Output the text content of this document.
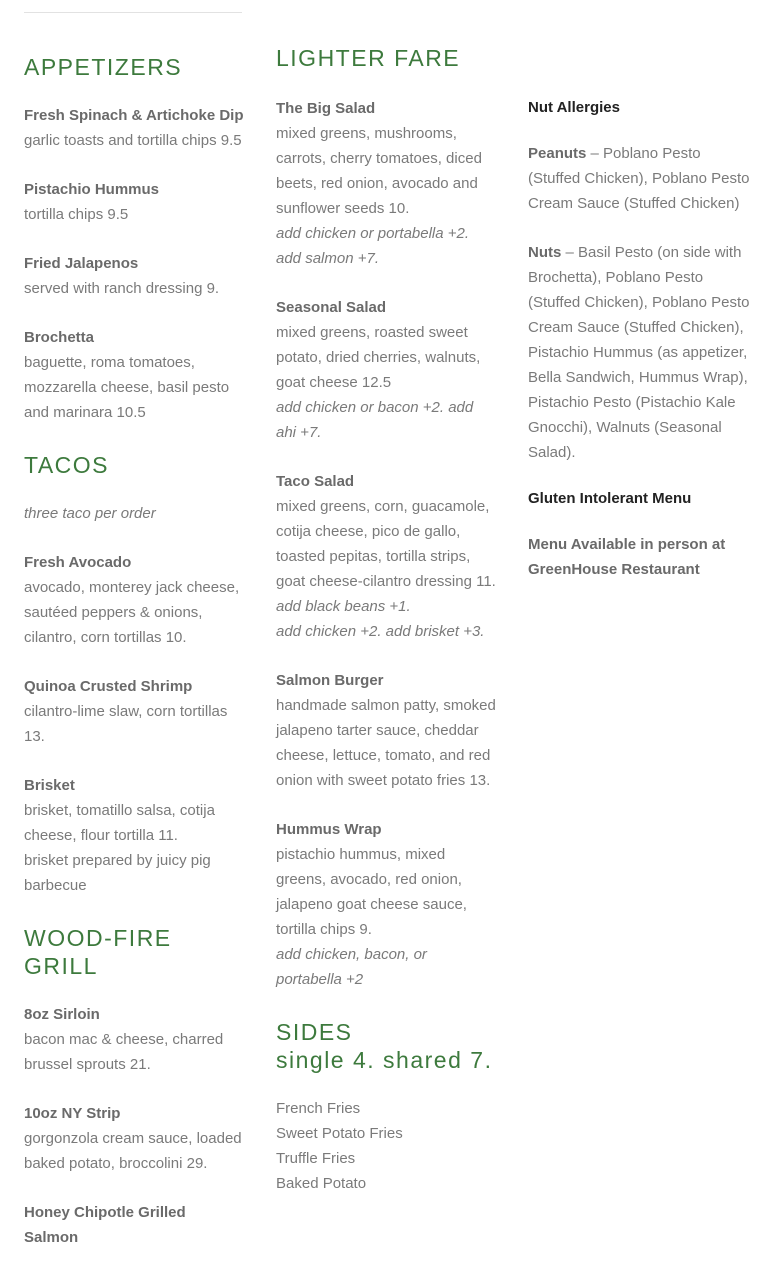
APPETIZERS
Fresh Spinach & Artichoke Dip
garlic toasts and tortilla chips 9.5
Pistachio Hummus
tortilla chips 9.5
Fried Jalapenos
served with ranch dressing 9.
Brochetta
baguette, roma tomatoes, mozzarella cheese, basil pesto and marinara 10.5
TACOS
three taco per order
Fresh Avocado
avocado, monterey jack cheese, sautéed peppers & onions, cilantro, corn tortillas 10.
Quinoa Crusted Shrimp
cilantro-lime slaw, corn tortillas 13.
Brisket
brisket, tomatillo salsa, cotija cheese, flour tortilla 11.
brisket prepared by juicy pig barbecue
WOOD-FIRE GRILL
8oz Sirloin
bacon mac & cheese, charred brussel sprouts 21.
10oz NY Strip
gorgonzola cream sauce, loaded baked potato, broccolini 29.
Honey Chipotle Grilled Salmon
LIGHTER FARE
The Big Salad
mixed greens, mushrooms, carrots, cherry tomatoes, diced beets, red onion, avocado and sunflower seeds 10.
add chicken or portabella +2.
add salmon +7.
Seasonal Salad
mixed greens, roasted sweet potato, dried cherries, walnuts, goat cheese 12.5
add chicken or bacon +2. add ahi +7.
Taco Salad
mixed greens, corn, guacamole, cotija cheese, pico de gallo, toasted pepitas, tortilla strips, goat cheese-cilantro dressing 11.
add black beans +1.
add chicken +2. add brisket +3.
Salmon Burger
handmade salmon patty, smoked jalapeno tarter sauce, cheddar cheese, lettuce, tomato, and red onion with sweet potato fries 13.
Hummus Wrap
pistachio hummus, mixed greens, avocado, red onion, jalapeno goat cheese sauce, tortilla chips 9.
add chicken, bacon, or portabella +2
SIDES
single 4. shared 7.
French Fries
Sweet Potato Fries
Truffle Fries
Baked Potato
Nut Allergies
Peanuts – Poblano Pesto (Stuffed Chicken), Poblano Pesto Cream Sauce (Stuffed Chicken)
Nuts – Basil Pesto (on side with Brochetta), Poblano Pesto (Stuffed Chicken), Poblano Pesto Cream Sauce (Stuffed Chicken), Pistachio Hummus (as appetizer, Bella Sandwich, Hummus Wrap), Pistachio Pesto (Pistachio Kale Gnocchi), Walnuts (Seasonal Salad).
Gluten Intolerant Menu
Menu Available in person at GreenHouse Restaurant
